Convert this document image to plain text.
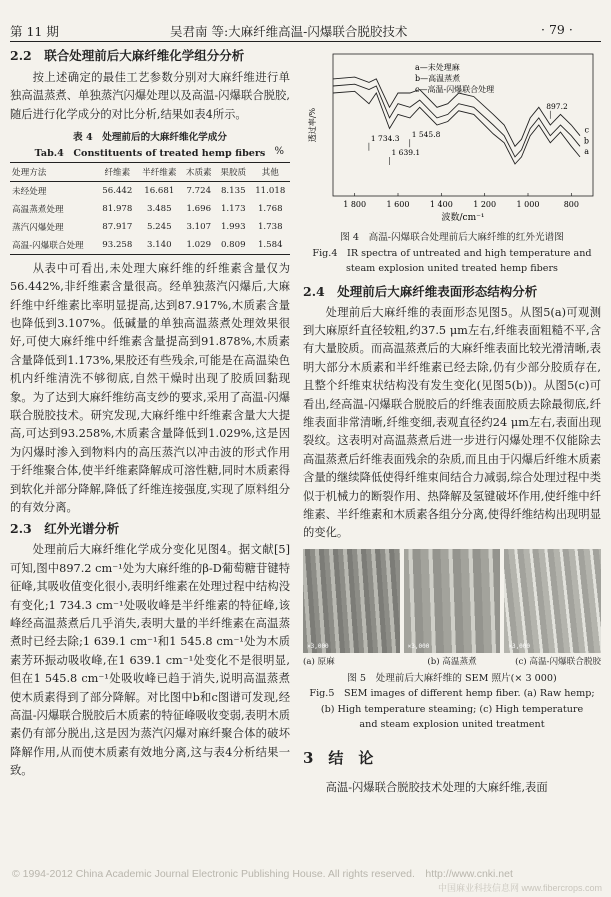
第 11 期	吴君南 等:大麻纤维高温-闪爆联合脱胶技术	· 79 ·
2.2　联合处理前后大麻纤维化学组分分析

按上述确定的最佳工艺参数分别对大麻纤维进行单独高温蒸煮、单独蒸汽闪爆处理以及高温-闪爆联合脱胶,随后进行化学成分的对比分析,结果如表4所示。

表 4　处理前后的大麻纤维化学成分
Tab.4　Constituents of treated hemp fibers %
处理方法	纤维素	半纤维素	木质素	果胶质	其他
未经处理	56.442	16.681	7.724	8.135	11.018
高温蒸煮处理	81.978	3.485	1.696	1.173	1.768
蒸汽闪爆处理	87.917	5.245	3.107	1.993	1.738
高温-闪爆联合处理	93.258	3.140	1.029	0.809	1.584

从表中可看出,未处理大麻纤维的纤维素含量仅为56.442%,非纤维素含量很高。经单独蒸汽闪爆后,大麻纤维中纤维素比率明显提高,达到87.917%,木质素含量也降低到3.107%。低碱量的单独高温蒸煮处理效果很好,可使大麻纤维中纤维素含量提高到91.878%,木质素含量降低到1.173%,果胶还有些残余,可能是在高温染色机内纤维清洗不够彻底,自然干燥时出现了胶质回黏现象。为了达到大麻纤维纺高支纱的要求,采用了高温-闪爆联合脱胶技术。研究发现,大麻纤维中纤维素含量大大提高,可达到93.258%,木质素含量降低到1.029%,这是因为闪爆时渗入到物料内的高压蒸汽以冲击波的形式作用于纤维聚合体,使半纤维素降解成可溶性糖,同时木质素得到软化并部分降解,降低了纤维连接强度,实现了原料组分的有效分离。

2.3　红外光谱分析

处理前后大麻纤维化学成分变化见图4。据文献[5]可知,图中897.2 cm⁻¹处为大麻纤维的β-D葡萄糖苷键特征峰,其吸收值变化很小,表明纤维素在处理过程中结构没有变化;1 734.3 cm⁻¹处吸收峰是半纤维素的特征峰,该峰经高温蒸煮后几乎消失,表明大量的半纤维素在高温蒸煮时已经去除;1 639.1 cm⁻¹和1 545.8 cm⁻¹处为木质素芳环振动吸收峰,在1 639.1 cm⁻¹处变化不是很明显,但在1 545.8 cm⁻¹处吸收峰已趋于消失,说明高温蒸煮使木质素得到了部分降解。对比图中b和c图谱可发现,经高温-闪爆联合脱胶后木质素的特征峰吸收变弱,表明木质素仍有部分脱出,这是因为蒸汽闪爆对麻纤聚合体的破坏降解作用,从而使木质素有效地分离,这与表4分析结果一致。

1 800	1 600	1 400	1 200	1 000	800
波数/cm⁻¹
透过率/%
a
b
c
a—未处理麻
b—高温蒸煮
c—高温-闪爆联合处理
1 734.3
1 639.1
1 545.8
897.2
图 4　高温-闪爆联合处理前后大麻纤维的红外光谱图
Fig.4　IR spectra of untreated and high temperature and steam explosion united treated hemp fibers
2.4　处理前后大麻纤维表面形态结构分析

处理前后大麻纤维的表面形态见图5。从图5(a)可观测到大麻原纤直径较粗,约37.5 μm左右,纤维表面粗糙不平,含有大量胶质。而高温蒸煮后的大麻纤维表面比较光滑清晰,表明大部分木质素和半纤维素已经去除,仍有少部分胶质存在,且整个纤维束状结构没有发生变化(见图5(b))。从图5(c)可看出,经高温-闪爆联合脱胶后的纤维表面胶质去除最彻底,纤维表面非常清晰,纤维变细,表观直径约24 μm左右,表面出现裂纹。这表明对高温蒸煮后进一步进行闪爆处理不仅能除去高温蒸煮后纤维表面残余的杂质,而且由于闪爆后纤维木质素含量的继续降低使得纤维束间结合力减弱,综合处理过程中类似于机械力的断裂作用、热降解及氢键破坏作用,使纤维中纤维素、半纤维素和木质素各组分分离,使得纤维结构出现明显的变化。

×3,000	×3,000	×3,000
(a) 原麻	(b) 高温蒸煮	(c) 高温-闪爆联合脱胶
图 5　处理前后大麻纤维的 SEM 照片(× 3 000)
Fig.5　SEM images of different hemp fiber. (a) Raw hemp;
(b) High temperature steaming; (c) High temperature
and steam explosion united treatment
3　结　论

高温-闪爆联合脱胶技术处理的大麻纤维,表面

© 1994-2012 China Academic Journal Electronic Publishing House. All rights reserved.　http://www.cnki.net
中国麻业科技信息网 www.fibercrops.com
